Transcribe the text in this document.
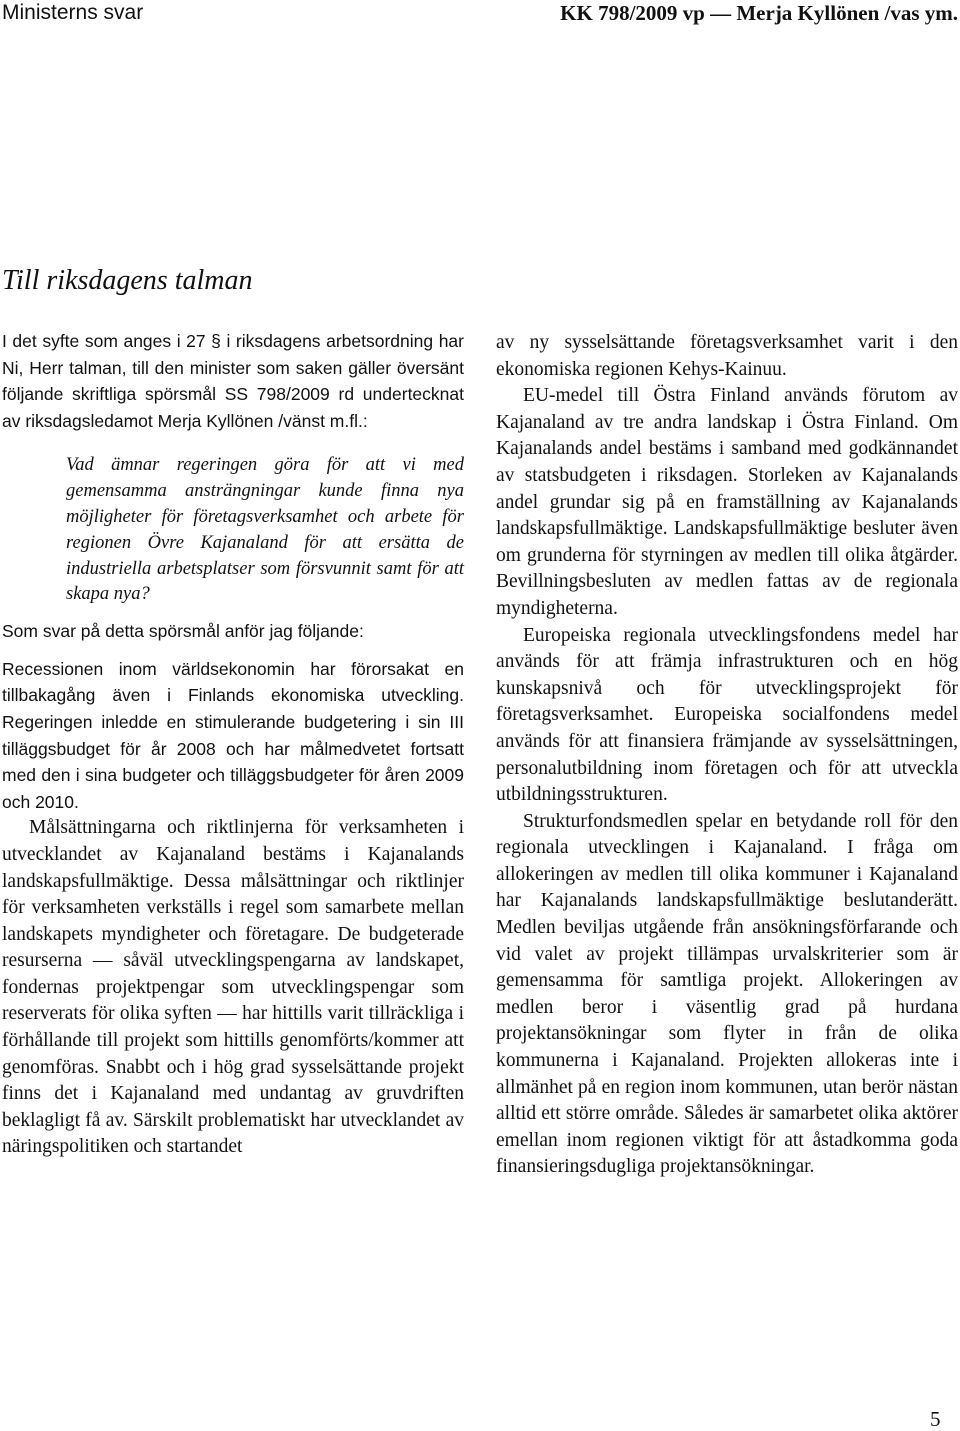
Ministerns svar	KK 798/2009 vp — Merja Kyllönen /vas ym.
Till riksdagens talman

I det syfte som anges i 27 § i riksdagens arbetsordning har Ni, Herr talman, till den minister som saken gäller översänt följande skriftliga spörsmål SS 798/2009 rd undertecknat av riksdagsledamot Merja Kyllönen /vänst m.fl.:

Vad ämnar regeringen göra för att vi med gemensamma ansträngningar kunde finna nya möjligheter för företagsverksamhet och arbete för regionen Övre Kajanaland för att ersätta de industriella arbetsplatser som försvunnit samt för att skapa nya?

Som svar på detta spörsmål anför jag följande:

Recessionen inom världsekonomin har förorsakat en tillbakagång även i Finlands ekonomiska utveckling. Regeringen inledde en stimulerande budgetering i sin III tilläggsbudget för år 2008 och har målmedvetet fortsatt med den i sina budgeter och tilläggsbudgeter för åren 2009 och 2010.

Målsättningarna och riktlinjerna för verksamheten i utvecklandet av Kajanaland bestäms i Kajanalands landskapsfullmäktige. Dessa målsättningar och riktlinjer för verksamheten verkställs i regel som samarbete mellan landskapets myndigheter och företagare. De budgeterade resurserna — såväl utvecklingspengarna av landskapet, fondernas projektpengar som utvecklingspengar som reserverats för olika syften — har hittills varit tillräckliga i förhållande till projekt som hittills genomförts/kommer att genomföras. Snabbt och i hög grad sysselsättande projekt finns det i Kajanaland med undantag av gruvdriften beklagligt få av. Särskilt problematiskt har utvecklandet av näringspolitiken och startandet

av ny sysselsättande företagsverksamhet varit i den ekonomiska regionen Kehys-Kainuu.

EU-medel till Östra Finland används förutom av Kajanaland av tre andra landskap i Östra Finland. Om Kajanalands andel bestäms i samband med godkännandet av statsbudgeten i riksdagen. Storleken av Kajanalands andel grundar sig på en framställning av Kajanalands landskapsfullmäktige. Landskapsfullmäktige besluter även om grunderna för styrningen av medlen till olika åtgärder. Bevillningsbesluten av medlen fattas av de regionala myndigheterna.

Europeiska regionala utvecklingsfondens medel har används för att främja infrastrukturen och en hög kunskapsnivå och för utvecklingsprojekt för företagsverksamhet. Europeiska socialfondens medel används för att finansiera främjande av sysselsättningen, personalutbildning inom företagen och för att utveckla utbildningsstrukturen.

Strukturfondsmedlen spelar en betydande roll för den regionala utvecklingen i Kajanaland. I fråga om allokeringen av medlen till olika kommuner i Kajanaland har Kajanalands landskapsfullmäktige beslutanderätt. Medlen beviljas utgående från ansökningsförfarande och vid valet av projekt tillämpas urvalskriterier som är gemensamma för samtliga projekt. Allokeringen av medlen beror i väsentlig grad på hurdana projektansökningar som flyter in från de olika kommunerna i Kajanaland. Projekten allokeras inte i allmänhet på en region inom kommunen, utan berör nästan alltid ett större område. Således är samarbetet olika aktörer emellan inom regionen viktigt för att åstadkomma goda finansieringsdugliga projektansökningar.

5
